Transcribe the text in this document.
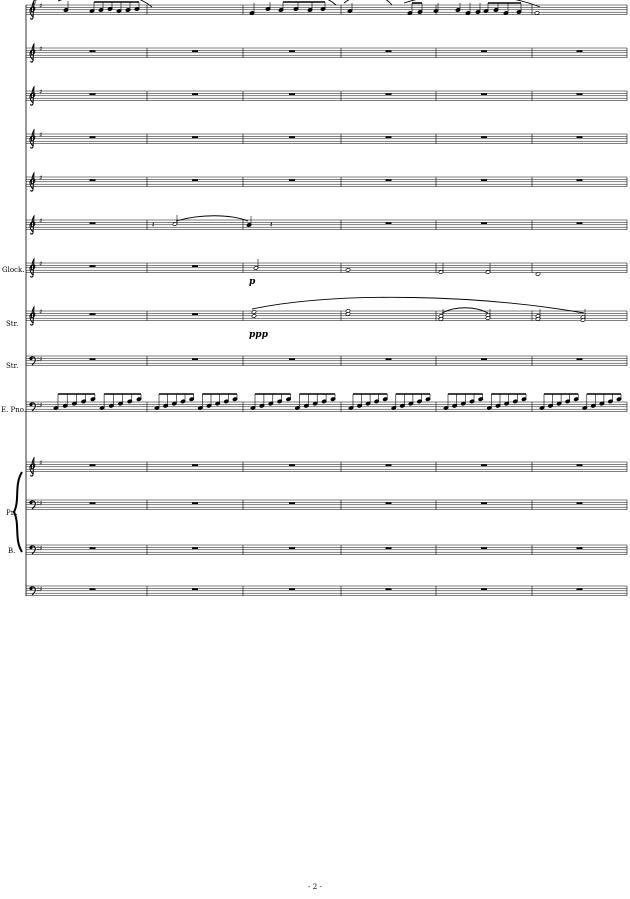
♯
♯
♯
♯
♯
♯
♯
♯
♯
♯
♯
♯
♯
♯
𝄽	𝄽
7
Glock.
Str.
Str.
E. Pno.
Pn.
B.
p
ppp
- 2 -
